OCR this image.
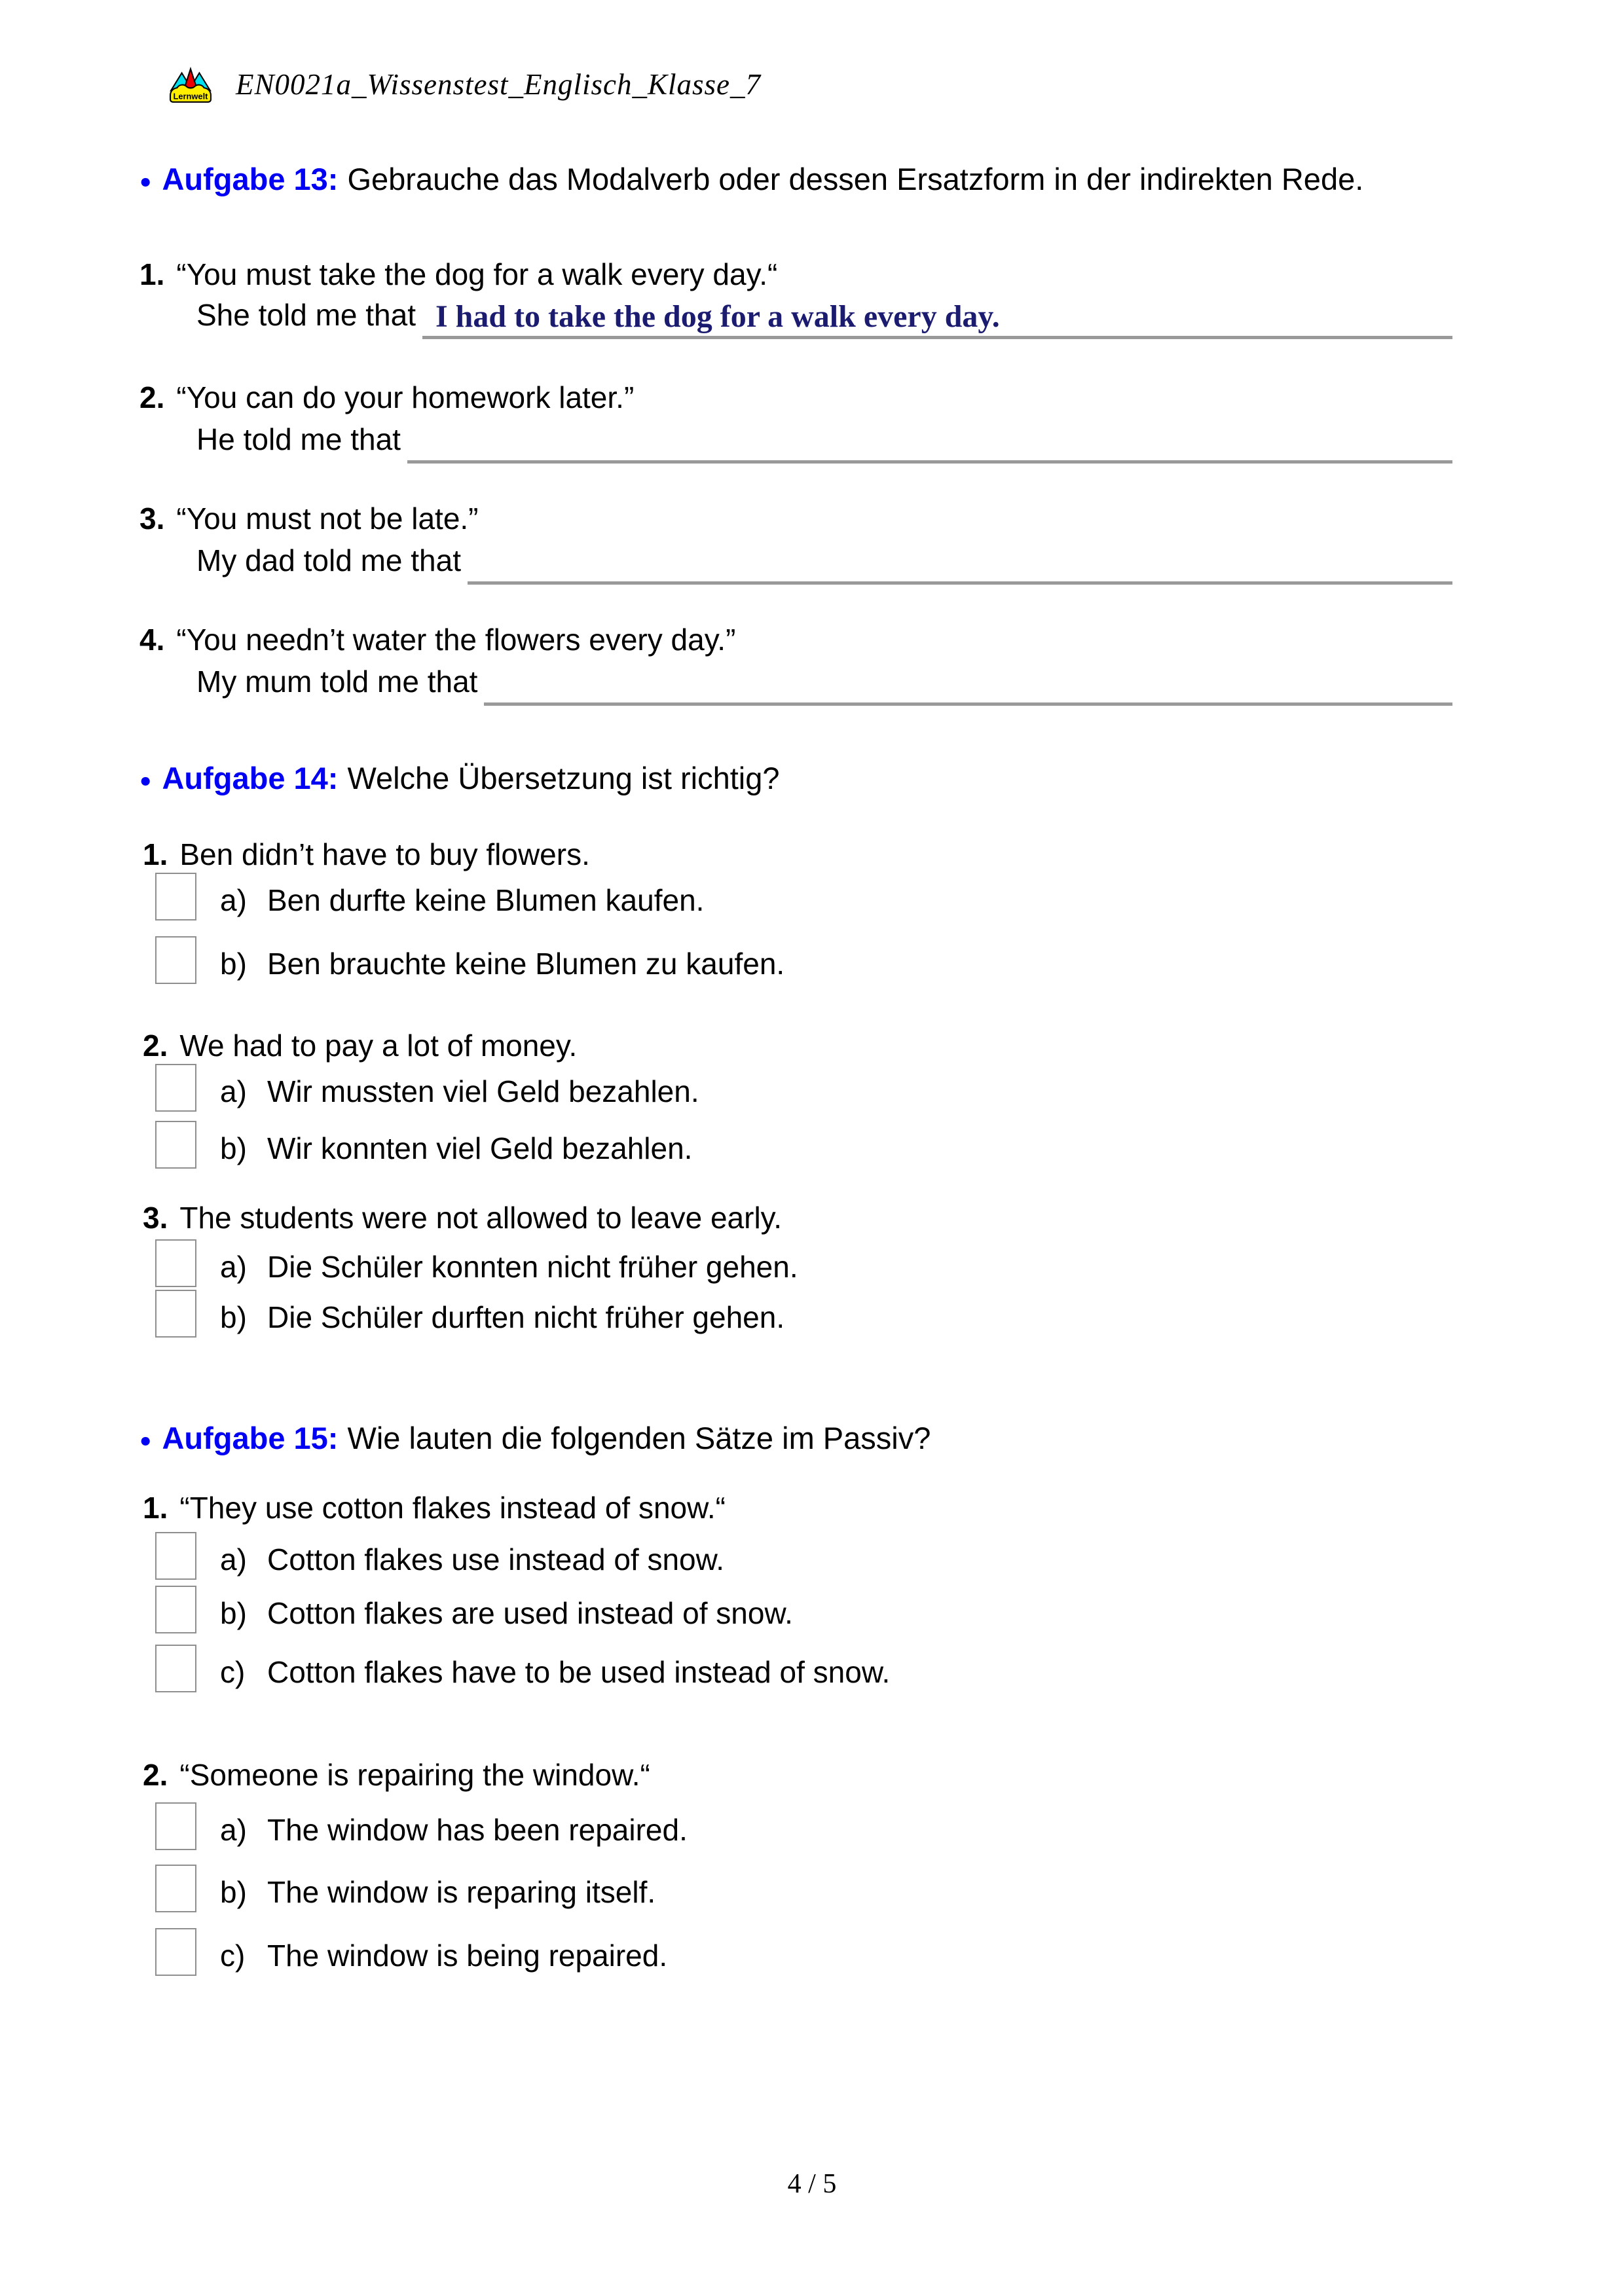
Lernwelt EN0021a_Wissenstest_Englisch_Klasse_7
● Aufgabe 13: Gebrauche das Modalverb oder dessen Ersatzform in der indirekten Rede.
1. “You must take the dog for a walk every day.“
She told me that I had to take the dog for a walk every day.
2. “You can do your homework later.”
He told me that
3. “You must not be late.”
My dad told me that
4. “You needn’t water the flowers every day.”
My mum told me that
● Aufgabe 14: Welche Übersetzung ist richtig?
1. Ben didn’t have to buy flowers.
a) Ben durfte keine Blumen kaufen.
b) Ben brauchte keine Blumen zu kaufen.
2. We had to pay a lot of money.
a) Wir mussten viel Geld bezahlen.
b) Wir konnten viel Geld bezahlen.
3. The students were not allowed to leave early.
a) Die Schüler konnten nicht früher gehen.
b) Die Schüler durften nicht früher gehen.
● Aufgabe 15: Wie lauten die folgenden Sätze im Passiv?
1. “They use cotton flakes instead of snow.“
a) Cotton flakes use instead of snow.
b) Cotton flakes are used instead of snow.
c) Cotton flakes have to be used instead of snow.
2. “Someone is repairing the window.“
a) The window has been repaired.
b) The window is reparing itself.
c) The window is being repaired.
4 / 5
